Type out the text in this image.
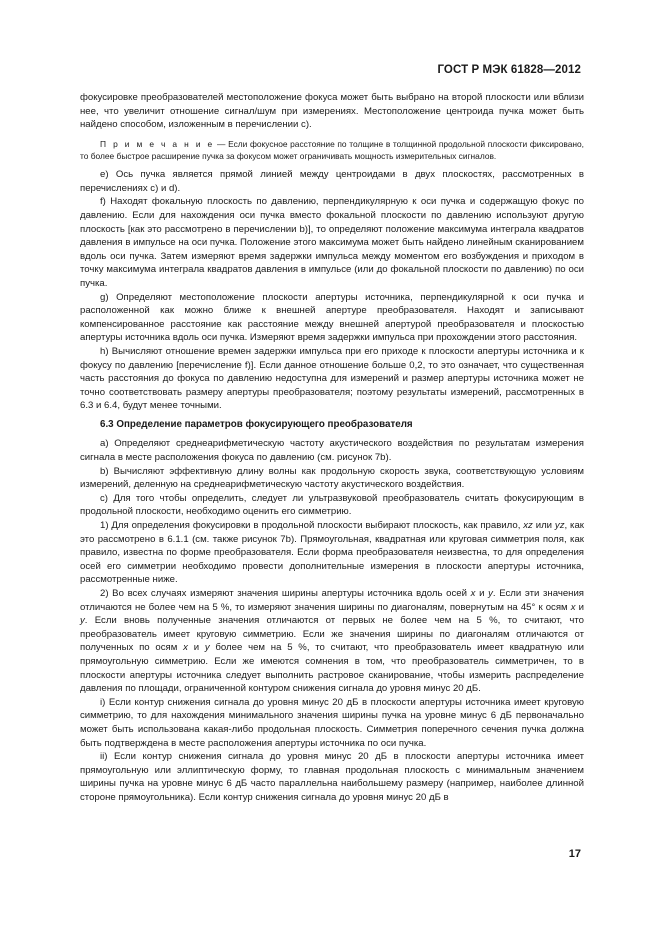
ГОСТ Р МЭК 61828—2012

фокусировке преобразователей местоположение фокуса может быть выбрано на второй плоскости или вблизи нее, что увеличит отношение сигнал/шум при измерениях. Местоположение центроида пучка может быть найдено способом, изложенным в перечислении с).

П р и м е ч а н и е — Если фокусное расстояние по толщине в толщинной продольной плоскости фиксировано, то более быстрое расширение пучка за фокусом может ограничивать мощность измерительных сигналов.

е) Ось пучка является прямой линией между центроидами в двух плоскостях, рассмотренных в перечислениях с) и d).

f) Находят фокальную плоскость по давлению, перпендикулярную к оси пучка и содержащую фокус по давлению. Если для нахождения оси пучка вместо фокальной плоскости по давлению используют другую плоскость [как это рассмотрено в перечислении b)], то определяют положение максимума интеграла квадратов давления в импульсе на оси пучка. Положение этого максимума может быть найдено линейным сканированием вдоль оси пучка. Затем измеряют время задержки импульса между моментом его возбуждения и приходом в точку максимума интеграла квадратов давления в импульсе (или до фокальной плоскости по давлению) по оси пучка.

g) Определяют местоположение плоскости апертуры источника, перпендикулярной к оси пучка и расположенной как можно ближе к внешней апертуре преобразователя. Находят и записывают компенсированное расстояние как расстояние между внешней апертурой преобразователя и плоскостью апертуры источника вдоль оси пучка. Измеряют время задержки импульса при прохождении этого расстояния.

h) Вычисляют отношение времен задержки импульса при его приходе к плоскости апертуры источника и к фокусу по давлению [перечисление f)]. Если данное отношение больше 0,2, то это означает, что существенная часть расстояния до фокуса по давлению недоступна для измерений и размер апертуры источника может не точно соответствовать размеру апертуры преобразователя; поэтому результаты измерений, рассмотренных в 6.3 и 6.4, будут менее точными.

6.3 Определение параметров фокусирующего преобразователя

а) Определяют среднеарифметическую частоту акустического воздействия по результатам измерения сигнала в месте расположения фокуса по давлению (см. рисунок 7b).

b) Вычисляют эффективную длину волны как продольную скорость звука, соответствующую условиям измерений, деленную на среднеарифметическую частоту акустического воздействия.

с) Для того чтобы определить, следует ли ультразвуковой преобразователь считать фокусирующим в продольной плоскости, необходимо оценить его симметрию.

1) Для определения фокусировки в продольной плоскости выбирают плоскость, как правило, xz или yz, как это рассмотрено в 6.1.1 (см. также рисунок 7b). Прямоугольная, квадратная или круговая симметрия поля, как правило, известна по форме преобразователя. Если форма преобразователя неизвестна, то для определения осей его симметрии необходимо провести дополнительные измерения в плоскости апертуры источника, рассмотренные ниже.

2) Во всех случаях измеряют значения ширины апертуры источника вдоль осей x и y. Если эти значения отличаются не более чем на 5 %, то измеряют значения ширины по диагоналям, повернутым на 45° к осям x и y. Если вновь полученные значения отличаются от первых не более чем на 5 %, то считают, что преобразователь имеет круговую симметрию. Если же значения ширины по диагоналям отличаются от полученных по осям x и y более чем на 5 %, то считают, что преобразователь имеет квадратную или прямоугольную симметрию. Если же имеются сомнения в том, что преобразователь симметричен, то в плоскости апертуры источника следует выполнить растровое сканирование, чтобы измерить распределение давления по площади, ограниченной контуром снижения сигнала до уровня минус 20 дБ.

i) Если контур снижения сигнала до уровня минус 20 дБ в плоскости апертуры источника имеет круговую симметрию, то для нахождения минимального значения ширины пучка на уровне минус 6 дБ первоначально может быть использована какая-либо продольная плоскость. Симметрия поперечного сечения пучка должна быть подтверждена в месте расположения апертуры источника по оси пучка.

ii) Если контур снижения сигнала до уровня минус 20 дБ в плоскости апертуры источника имеет прямоугольную или эллиптическую форму, то главная продольная плоскость с минимальным значением ширины пучка на уровне минус 6 дБ часто параллельна наибольшему размеру (например, наиболее длинной стороне прямоугольника). Если контур снижения сигнала до уровня минус 20 дБ в

17
